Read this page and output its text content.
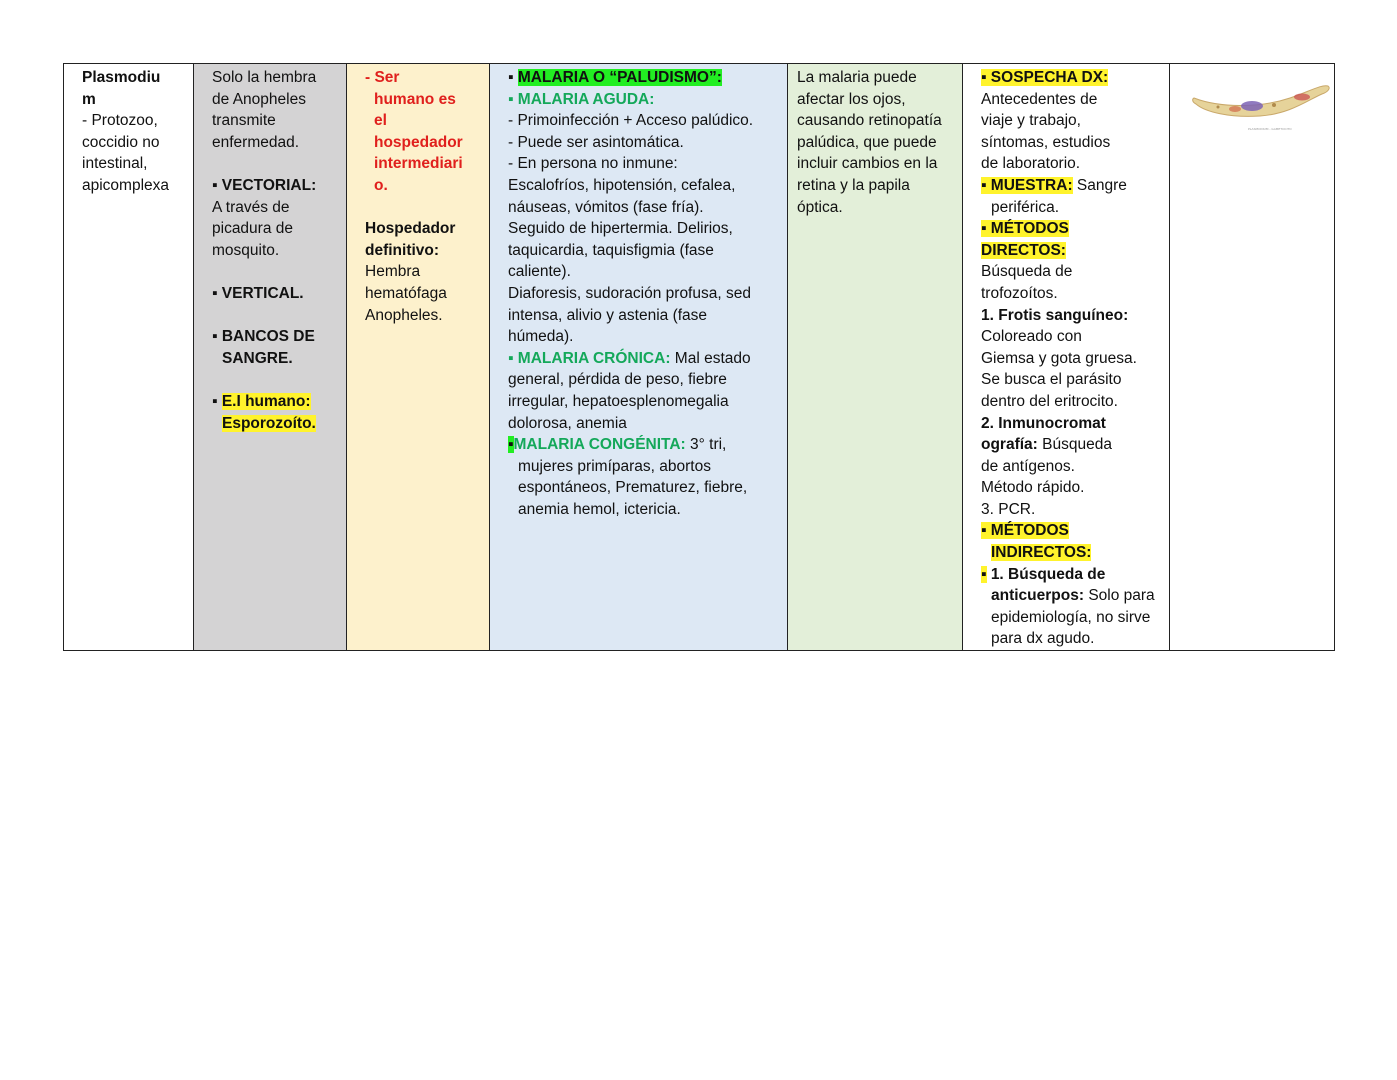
Plasmodiu
m
- Protozoo,
coccidio no
intestinal,
apicomplexa

Solo la hembra
de Anopheles
transmite
enfermedad.
▪ VECTORIAL:
A través de
picadura de
mosquito.
▪ VERTICAL.
▪ BANCOS DE
SANGRE.
▪ E.I humano:
Esporozoíto.

- Ser
humano es
el
hospedador
intermediari
o.
Hospedador
definitivo:
Hembra
hematófaga
Anopheles.

▪ MALARIA O “PALUDISMO”:
▪ MALARIA AGUDA:
- Primoinfección + Acceso palúdico.
- Puede ser asintomática.
- En persona no inmune:
Escalofríos, hipotensión, cefalea,
náuseas, vómitos (fase fría).
Seguido de hipertermia. Delirios,
taquicardia, taquisfigmia (fase
caliente).
Diaforesis, sudoración profusa, sed
intensa, alivio y astenia (fase
húmeda).
▪ MALARIA CRÓNICA: Mal estado
general, pérdida de peso, fiebre
irregular, hepatoesplenomegalia
dolorosa, anemia
▪MALARIA CONGÉNITA: 3° tri,
mujeres primíparas, abortos
espontáneos, Prematurez, fiebre,
anemia hemol, ictericia.

La malaria puede
afectar los ojos,
causando retinopatía
palúdica, que puede
incluir cambios en la
retina y la papila
óptica.

▪ SOSPECHA DX:
Antecedentes de
viaje y trabajo,
síntomas, estudios
de laboratorio.
▪ MUESTRA: Sangre
periférica.
▪ MÉTODOS
DIRECTOS:
Búsqueda de
trofozoítos.
1. Frotis sanguíneo:
Coloreado con
Giemsa y gota gruesa.
Se busca el parásito
dentro del eritrocito.
2. Inmunocromat
ografía: Búsqueda
de antígenos.
Método rápido.
3. PCR.
▪ MÉTODOS
INDIRECTOS:
▪ 1. Búsqueda de
anticuerpos: Solo para
epidemiología, no sirve
para dx agudo.

PLASMODIUM - GAMETOCITO
